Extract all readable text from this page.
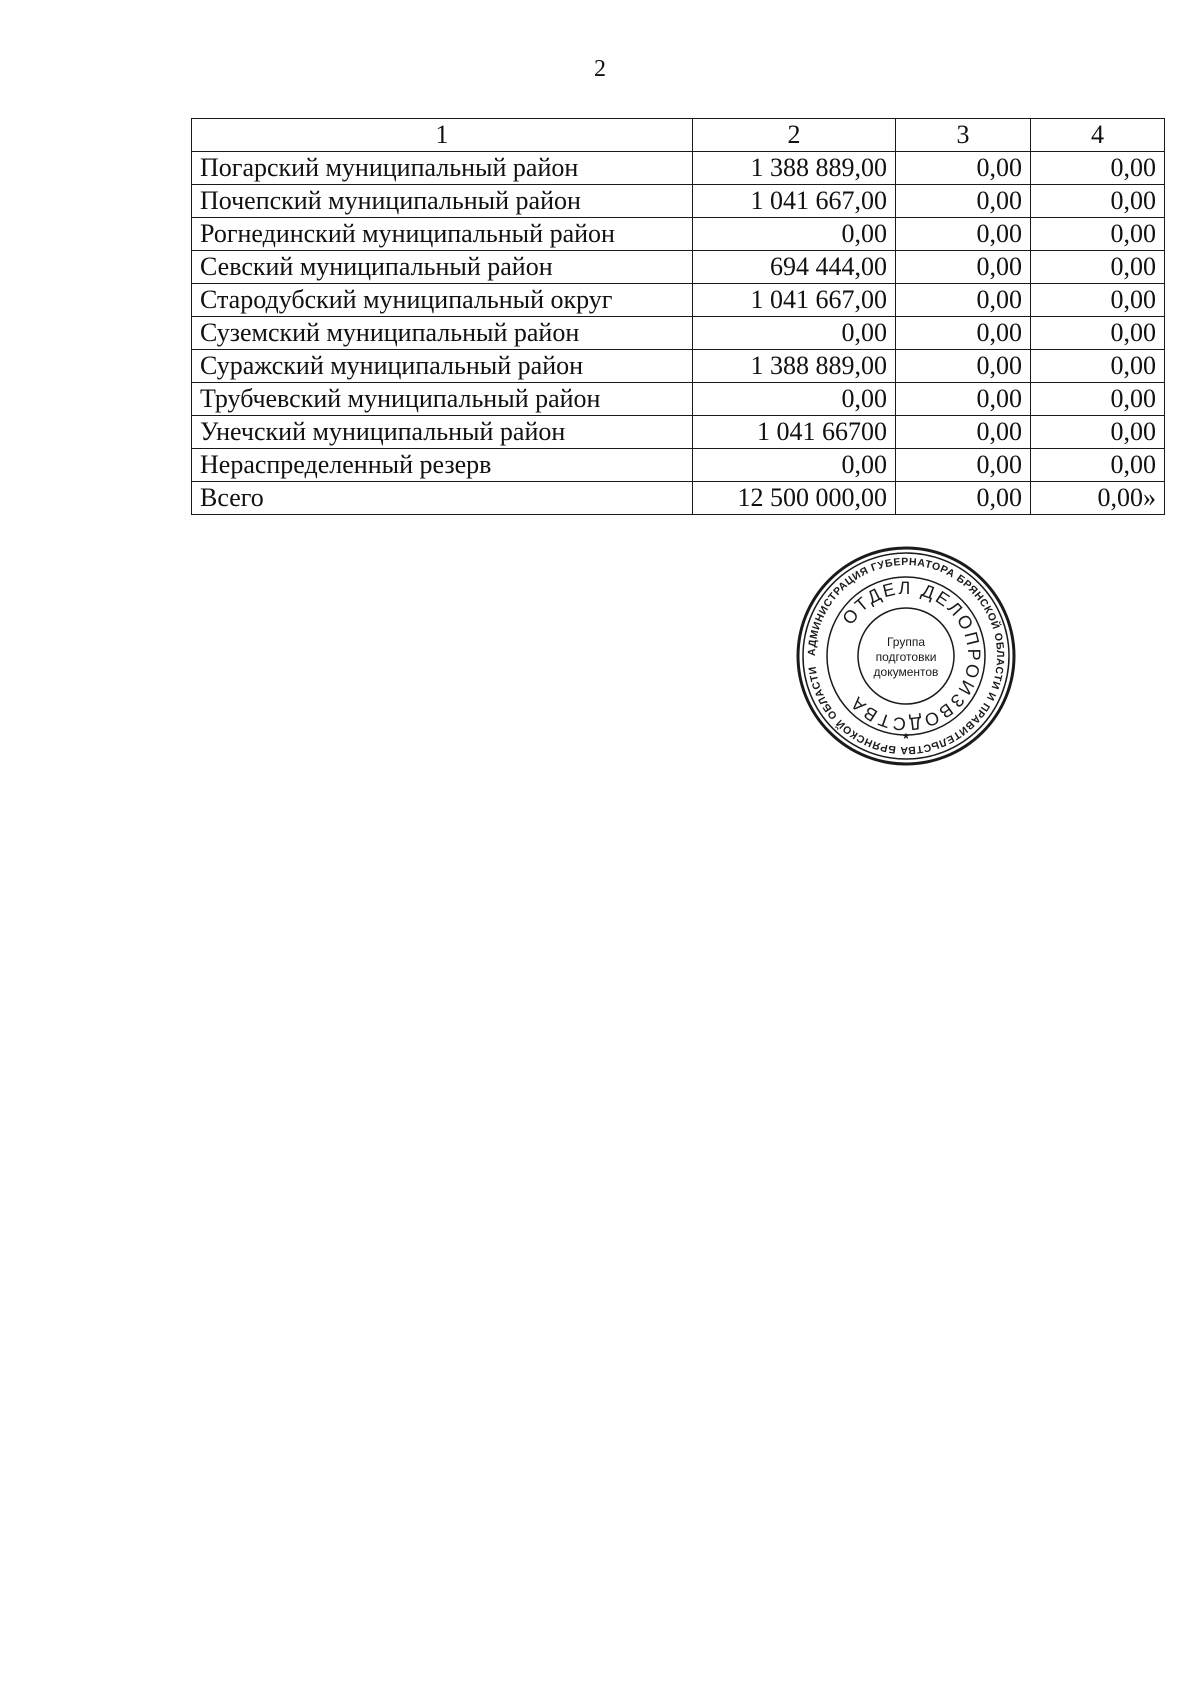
2
1	2	3	4
Погарский муниципальный район	1 388 889,00	0,00	0,00
Почепский муниципальный район	1 041 667,00	0,00	0,00
Рогнединский муниципальный район	0,00	0,00	0,00
Севский муниципальный район	694 444,00	0,00	0,00
Стародубский муниципальный округ	1 041 667,00	0,00	0,00
Суземский муниципальный район	0,00	0,00	0,00
Суражский муниципальный район	1 388 889,00	0,00	0,00
Трубчевский муниципальный район	0,00	0,00	0,00
Унечский муниципальный район	1 041 66700	0,00	0,00
Нераспределенный резерв	0,00	0,00	0,00
Всего	12 500 000,00	0,00	0,00»
АДМИНИСТРАЦИЯ ГУБЕРНАТОРА БРЯНСКОЙ ОБЛАСТИ И ПРАВИТЕЛЬСТВА БРЯНСКОЙ ОБЛАСТИ
ОТДЕЛ ДЕЛОПРОИЗВОДСТВА
*
Группа
подготовки
документов
